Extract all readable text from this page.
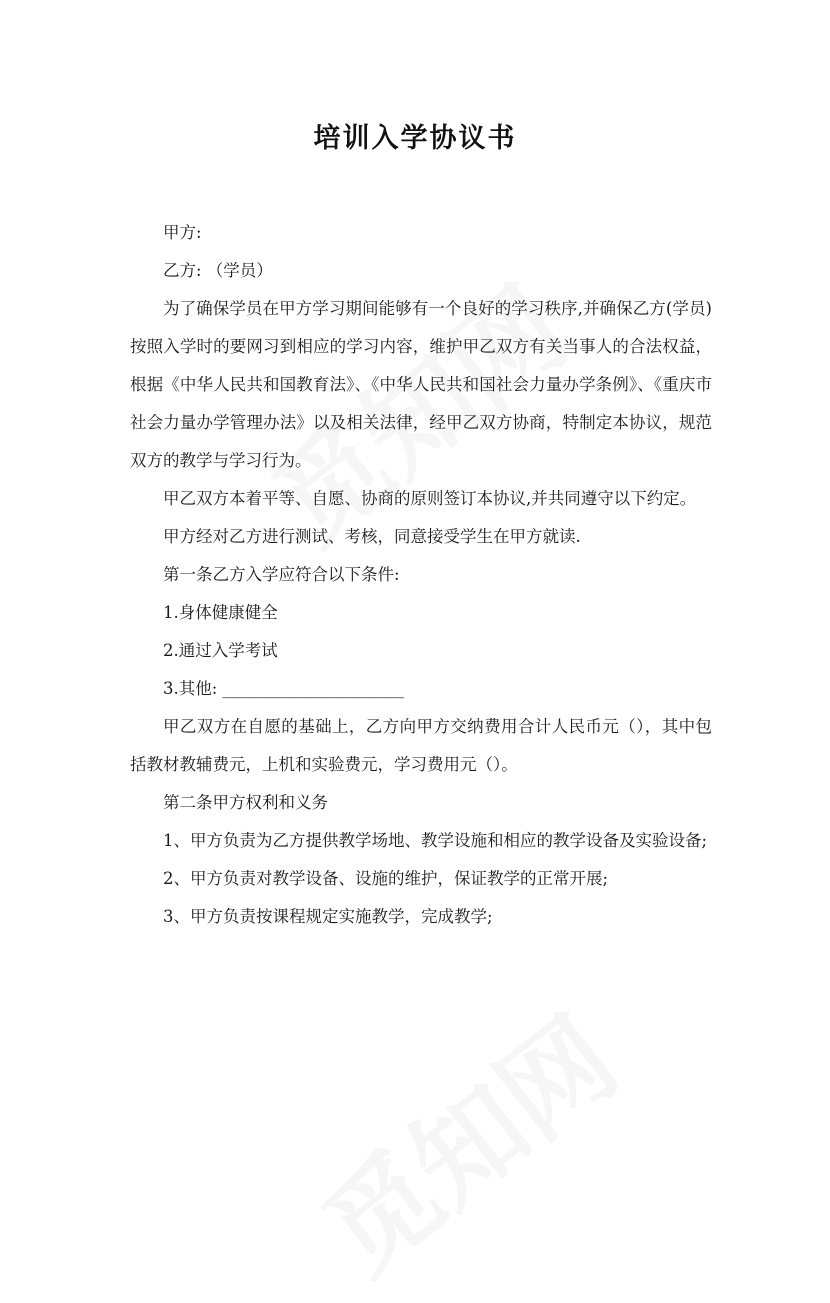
培训入学协议书

甲方:

乙方: （学员）

为了确保学员在甲方学习期间能够有一个良好的学习秩序,并确保乙方(学员)按照入学时的要网习到相应的学习内容，维护甲乙双方有关当事人的合法权益，根据《中华人民共和国教育法》、《中华人民共和国社会力量办学条例》、《重庆市社会力量办学管理办法》以及相关法律，经甲乙双方协商，特制定本协议，规范双方的教学与学习行为。

甲乙双方本着平等、自愿、协商的原则签订本协议,并共同遵守以下约定。

甲方经对乙方进行测试、考核，同意接受学生在甲方就读.

第一条乙方入学应符合以下条件:

1.身体健康健全

2.通过入学考试

3.其他: ______________________

甲乙双方在自愿的基础上，乙方向甲方交纳费用合计人民币元（），其中包括教材教辅费元，上机和实验费元，学习费用元（）。

第二条甲方权利和义务

1、甲方负责为乙方提供教学场地、教学设施和相应的教学设备及实验设备;

2、甲方负责对教学设备、设施的维护，保证教学的正常开展;

3、甲方负责按课程规定实施教学，完成教学;
